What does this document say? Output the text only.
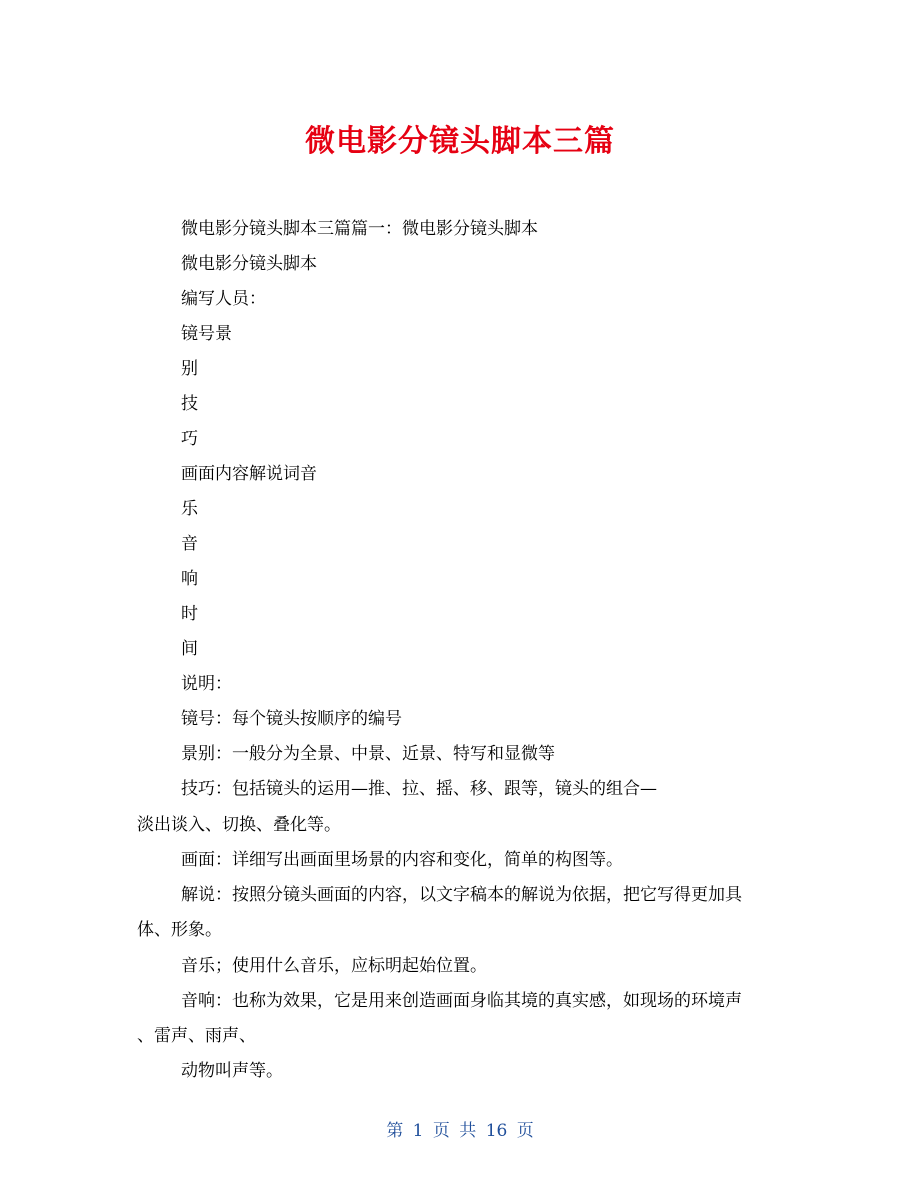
微电影分镜头脚本三篇
微电影分镜头脚本三篇篇一：微电影分镜头脚本
微电影分镜头脚本
编写人员：
镜号景
别
技
巧
画面内容解说词音
乐
音
响
时
间
说明：
镜号：每个镜头按顺序的编号
景别：一般分为全景、中景、近景、特写和显微等
技巧：包括镜头的运用—推、拉、摇、移、跟等，镜头的组合—
淡出谈入、切换、叠化等。
画面：详细写出画面里场景的内容和变化，简单的构图等。
解说：按照分镜头画面的内容，以文字稿本的解说为依据，把它写得更加具
体、形象。
音乐；使用什么音乐，应标明起始位置。
音响：也称为效果，它是用来创造画面身临其境的真实感，如现场的环境声
、雷声、雨声、
动物叫声等。
第 1 页 共 16 页
